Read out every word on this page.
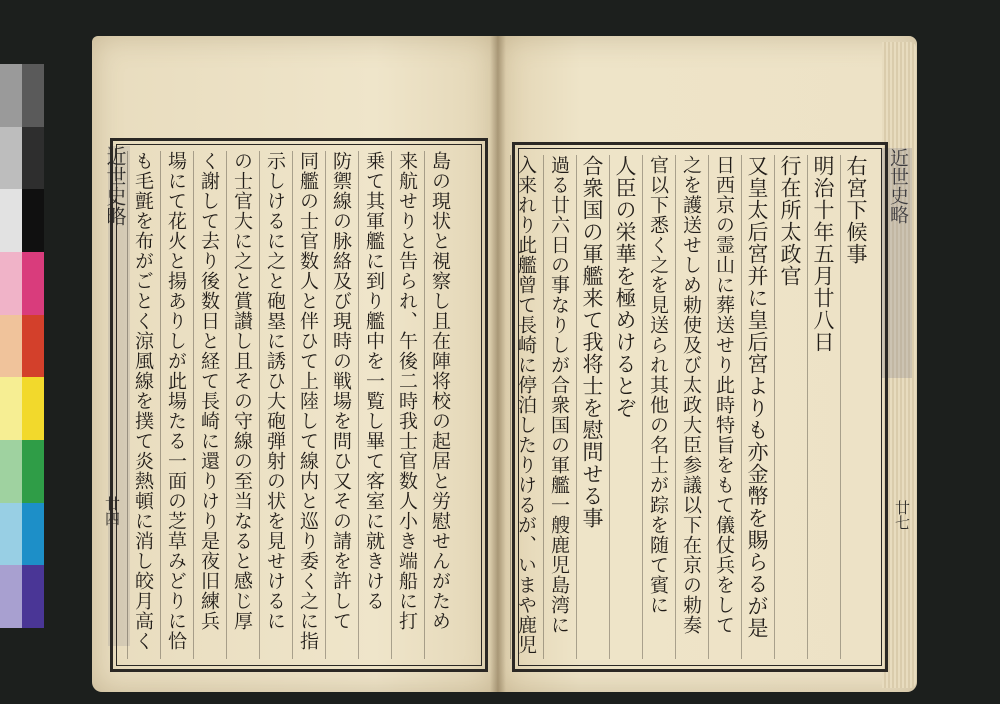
近世史略
廿四
近世史略
廿七
島の現状と視察し且在陣将校の起居と労慰せんがため
来航せりと告られ、午後二時我士官数人小き端船に打
乗て其軍艦に到り艦中を一覧し畢て客室に就きける
防禦線の脉絡及び現時の戦場を問ひ又その請を許して
同艦の士官数人と伴ひて上陸して線内と巡り委く之に指
示しけるに之と砲塁に誘ひ大砲弾射の状を見せけるに
の士官大に之と賞讃し且その守線の至当なると感じ厚
く謝して去り後数日と経て長崎に還りけり是夜旧練兵
場にて花火と揚ありしが此場たる一面の芝草みどりに恰
も毛氈を布がごとく涼風線を撲て炎熱頓に消し皎月高く	右宮下候事
明治十年五月廿八日
行在所太政官
又皇太后宮并に皇后宮よりも亦金幣を賜らるが是
日西京の霊山に葬送せり此時特旨をもて儀仗兵をして
之を護送せしめ勅使及び太政大臣参議以下在京の勅奏
官以下悉く之を見送られ其他の名士が踪を随て賓に
人臣の栄華を極めけるとぞ
合衆国の軍艦来て我将士を慰問せる事
過る廿六日の事なりしが合衆国の軍艦一艘鹿児島湾に
入来れり此艦曾て長崎に停泊したりけるが、いまや鹿児
